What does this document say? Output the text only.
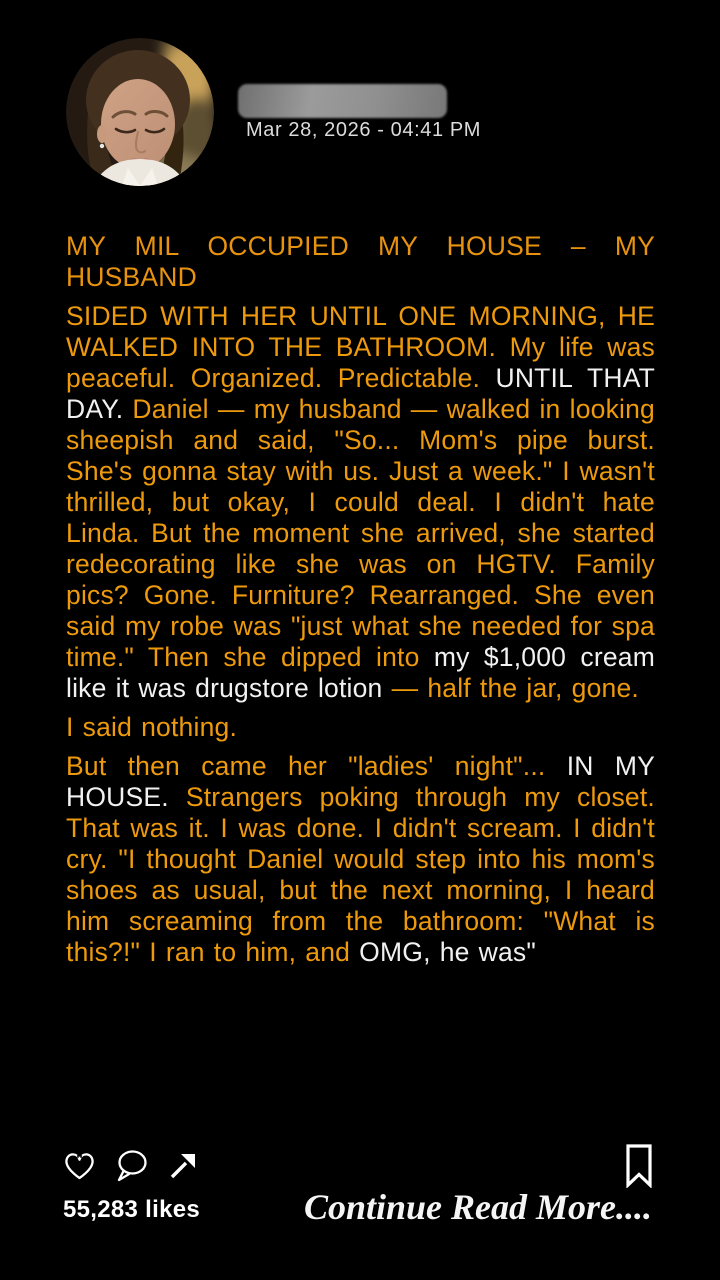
Mar 28, 2026 - 04:41 PM

MY MIL OCCUPIED MY HOUSE – MY HUSBAND

SIDED WITH HER UNTIL ONE MORNING, HE WALKED INTO THE BATHROOM. My life was peaceful. Organized. Predictable. UNTIL THAT DAY. Daniel — my husband — walked in looking sheepish and said, "So... Mom's pipe burst. She's gonna stay with us. Just a week." I wasn't thrilled, but okay, I could deal. I didn't hate Linda. But the moment she arrived, she started redecorating like she was on HGTV. Family pics? Gone. Furniture? Rearranged. She even said my robe was "just what she needed for spa time." Then she dipped into my $1,000 cream like it was drugstore lotion — half the jar, gone.

I said nothing.

But then came her "ladies' night"... IN MY HOUSE. Strangers poking through my closet. That was it. I was done. I didn't scream. I didn't cry. "I thought Daniel would step into his mom's shoes as usual, but the next morning, I heard him screaming from the bathroom: "What is this?!" I ran to him, and OMG, he was"

55,283 likes	Continue Read More....
